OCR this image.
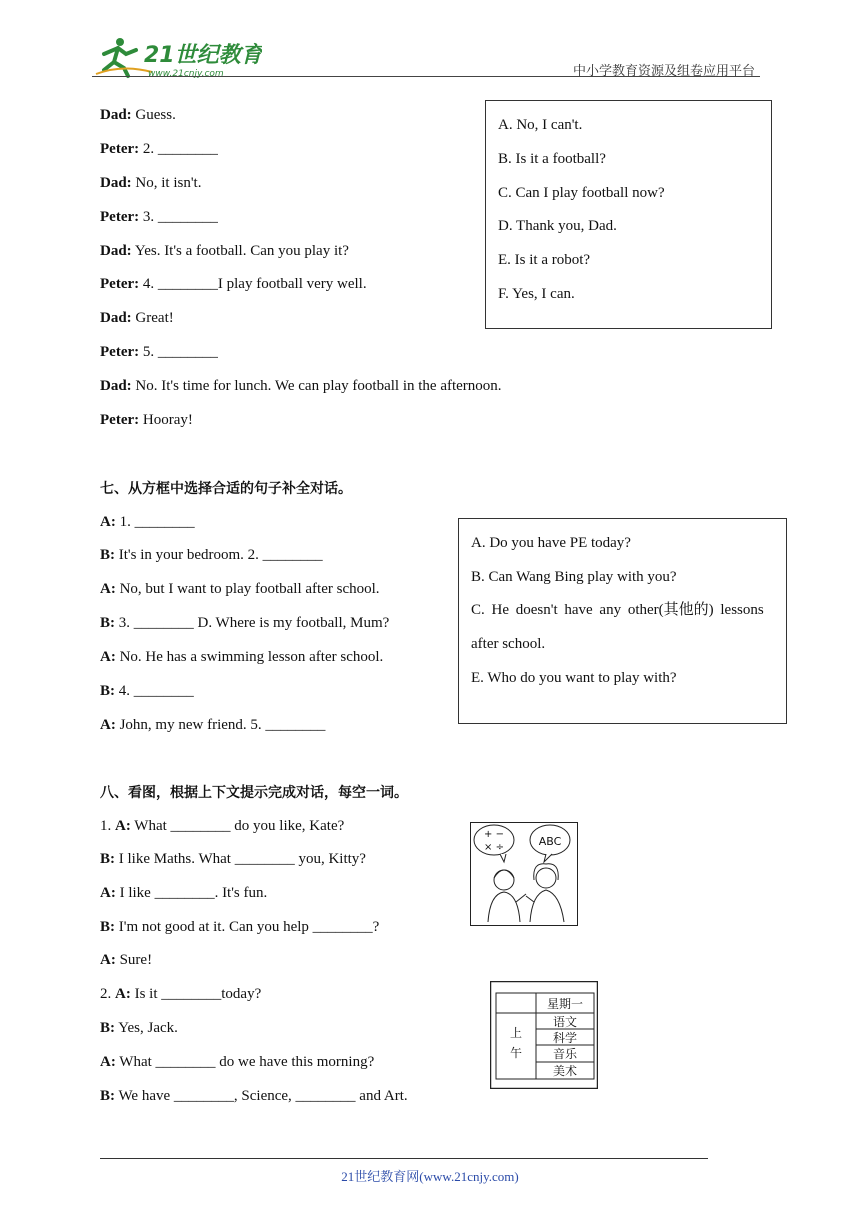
21世纪教育
www.21cnjy.com	中小学教育资源及组卷应用平台
Dad: Guess.
Peter: 2. ________
Dad: No, it isn't.
Peter: 3. ________
Dad: Yes. It's a football. Can you play it?
Peter: 4. ________I play football very well.
Dad: Great!
Peter: 5. ________
Dad: No. It's time for lunch. We can play football in the afternoon.
Peter: Hooray!
A. No, I can't.
B. Is it a football?
C. Can I play football now?
D. Thank you, Dad.
E. Is it a robot?
F. Yes, I can.
七、从方框中选择合适的句子补全对话。
A: 1. ________
B: It's in your bedroom. 2. ________
A: No, but I want to play football after school.
B: 3. ________ D. Where is my football, Mum?
A: No. He has a swimming lesson after school.
B: 4. ________
A: John, my new friend. 5. ________
A. Do you have PE today?
B. Can Wang Bing play with you?
C. He doesn't have any other(其他的) lessons
after school.
E. Who do you want to play with?
八、看图，根据上下文提示完成对话，每空一词。
1. A: What ________ do you like, Kate?
B: I like Maths. What ________ you, Kitty?
A: I like ________. It's fun.
B: I'm not good at it. Can you help ________?
A: Sure!
2. A: Is it ________today?
B: Yes, Jack.
A: What ________ do we have this morning?
B: We have ________, Science, ________ and Art.
+ −
× ÷	ABC
星期一
上
午
语文
科学
音乐
美术
21世纪教育网(www.21cnjy.com)
